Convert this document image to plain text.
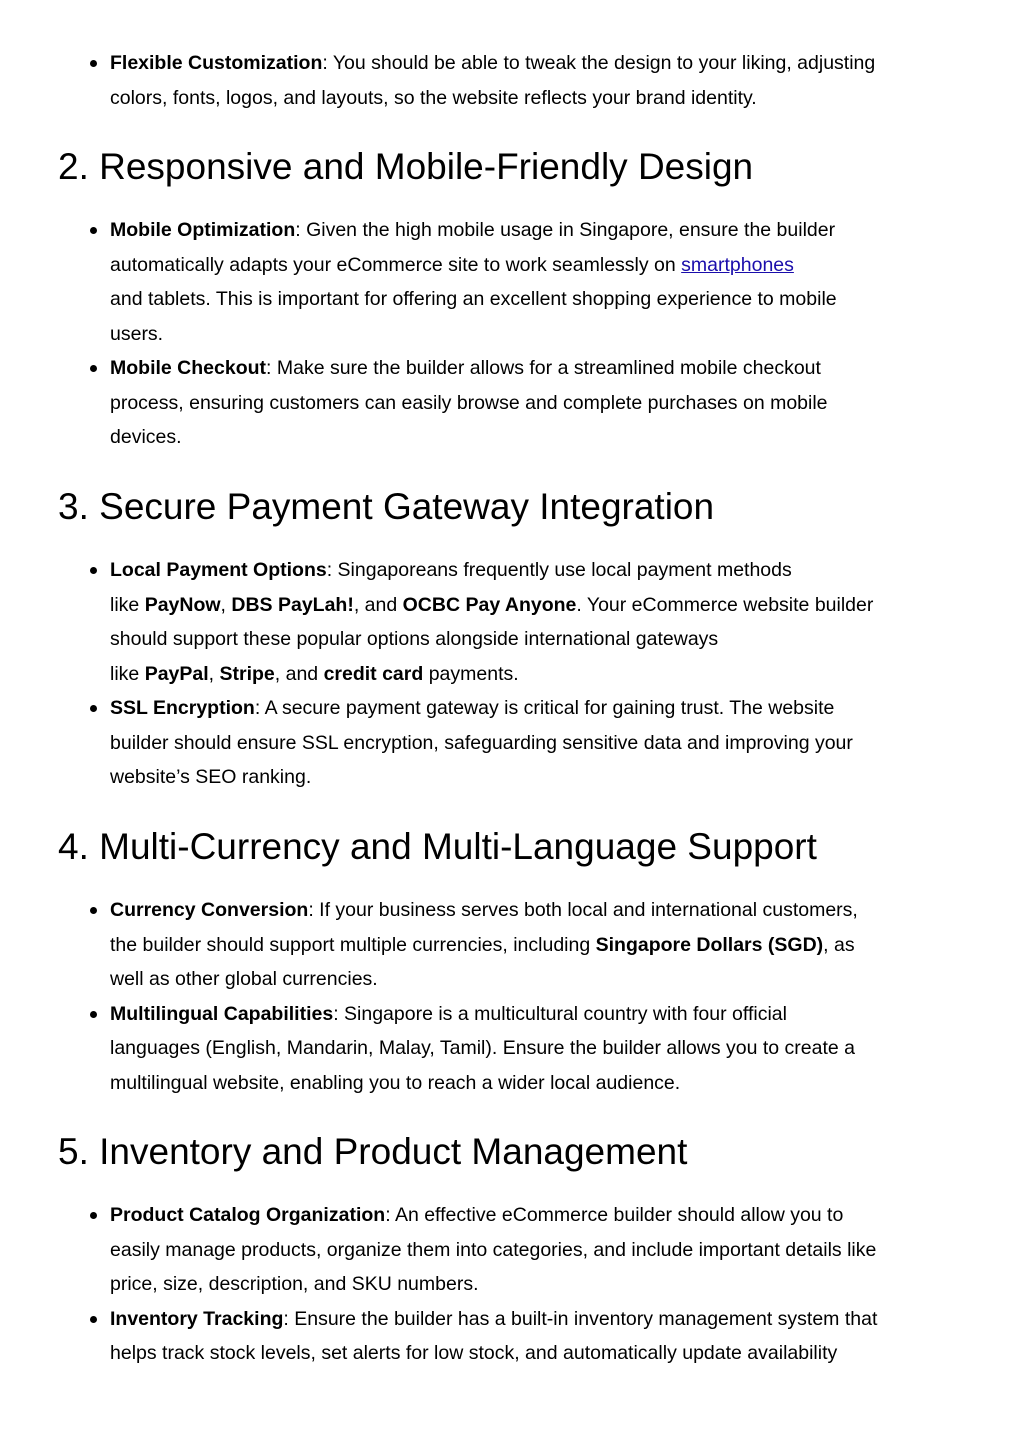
Flexible Customization: You should be able to tweak the design to your liking, adjusting
colors, fonts, logos, and layouts, so the website reflects your brand identity.
2. Responsive and Mobile-Friendly Design
Mobile Optimization: Given the high mobile usage in Singapore, ensure the builder
automatically adapts your eCommerce site to work seamlessly on smartphones
and tablets. This is important for offering an excellent shopping experience to mobile
users.
Mobile Checkout: Make sure the builder allows for a streamlined mobile checkout
process, ensuring customers can easily browse and complete purchases on mobile
devices.
3. Secure Payment Gateway Integration
Local Payment Options: Singaporeans frequently use local payment methods
like PayNow, DBS PayLah!, and OCBC Pay Anyone. Your eCommerce website builder
should support these popular options alongside international gateways
like PayPal, Stripe, and credit card payments.
SSL Encryption: A secure payment gateway is critical for gaining trust. The website
builder should ensure SSL encryption, safeguarding sensitive data and improving your
website’s SEO ranking.
4. Multi-Currency and Multi-Language Support
Currency Conversion: If your business serves both local and international customers,
the builder should support multiple currencies, including Singapore Dollars (SGD), as
well as other global currencies.
Multilingual Capabilities: Singapore is a multicultural country with four official
languages (English, Mandarin, Malay, Tamil). Ensure the builder allows you to create a
multilingual website, enabling you to reach a wider local audience.
5. Inventory and Product Management
Product Catalog Organization: An effective eCommerce builder should allow you to
easily manage products, organize them into categories, and include important details like
price, size, description, and SKU numbers.
Inventory Tracking: Ensure the builder has a built-in inventory management system that
helps track stock levels, set alerts for low stock, and automatically update availability
